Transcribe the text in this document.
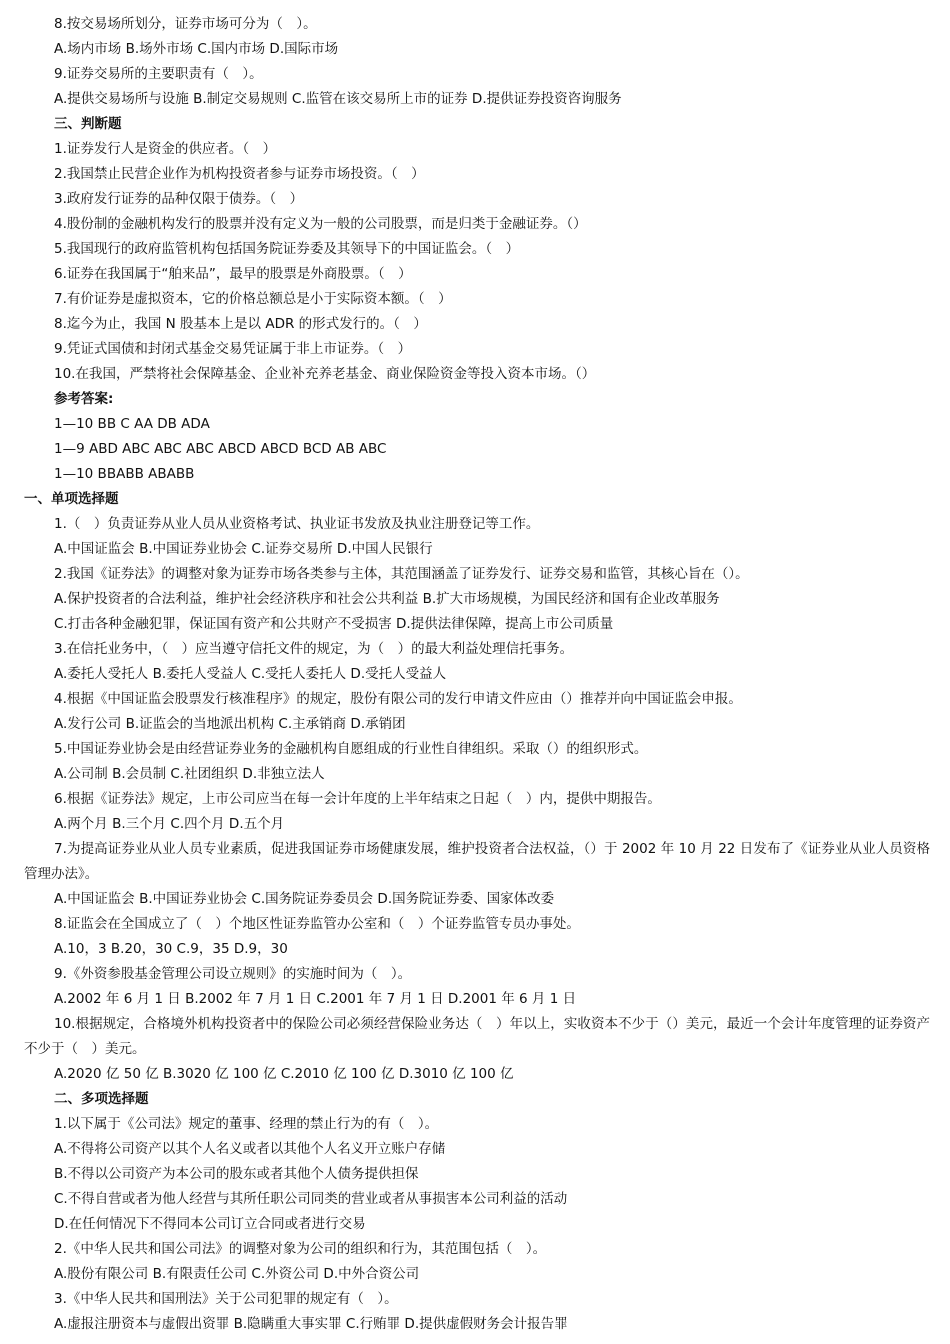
8.按交易场所划分，证券市场可分为（　）。
A.场内市场 B.场外市场 C.国内市场 D.国际市场
9.证券交易所的主要职责有（　）。
A.提供交易场所与设施 B.制定交易规则 C.监管在该交易所上市的证券 D.提供证券投资咨询服务
三、判断题
1.证券发行人是资金的供应者。（　）
2.我国禁止民营企业作为机构投资者参与证券市场投资。（　）
3.政府发行证券的品种仅限于债券。（　）
4.股份制的金融机构发行的股票并没有定义为一般的公司股票，而是归类于金融证券。（）
5.我国现行的政府监管机构包括国务院证券委及其领导下的中国证监会。（　）
6.证券在我国属于“舶来品”，最早的股票是外商股票。（　）
7.有价证券是虚拟资本，它的价格总额总是小于实际资本额。（　）
8.迄今为止，我国 N 股基本上是以 ADR 的形式发行的。（　）
9.凭证式国债和封闭式基金交易凭证属于非上市证券。（　）
10.在我国，严禁将社会保障基金、企业补充养老基金、商业保险资金等投入资本市场。（）
参考答案:
1—10 BB C AA DB ADA
1—9 ABD ABC ABC ABC ABCD ABCD BCD AB ABC
1—10 BBABB ABABB
一、单项选择题
1.（　）负责证券从业人员从业资格考试、执业证书发放及执业注册登记等工作。
A.中国证监会 B.中国证券业协会 C.证券交易所 D.中国人民银行
2.我国《证券法》的调整对象为证券市场各类参与主体，其范围涵盖了证券发行、证券交易和监管，其核心旨在（）。
A.保护投资者的合法利益，维护社会经济秩序和社会公共利益 B.扩大市场规模，为国民经济和国有企业改革服务
C.打击各种金融犯罪，保证国有资产和公共财产不受损害 D.提供法律保障，提高上市公司质量
3.在信托业务中，（　）应当遵守信托文件的规定，为（　）的最大利益处理信托事务。
A.委托人受托人 B.委托人受益人 C.受托人委托人 D.受托人受益人
4.根据《中国证监会股票发行核准程序》的规定，股份有限公司的发行申请文件应由（）推荐并向中国证监会申报。
A.发行公司 B.证监会的当地派出机构 C.主承销商 D.承销团
5.中国证券业协会是由经营证券业务的金融机构自愿组成的行业性自律组织。采取（）的组织形式。
A.公司制 B.会员制 C.社团组织 D.非独立法人
6.根据《证券法》规定，上市公司应当在每一会计年度的上半年结束之日起（　）内，提供中期报告。
A.两个月 B.三个月 C.四个月 D.五个月
7.为提高证券业从业人员专业素质，促进我国证券市场健康发展，维护投资者合法权益，（）于 2002 年 10 月 22 日发布了《证券业从业人员资格管理办法》。
A.中国证监会 B.中国证券业协会 C.国务院证券委员会 D.国务院证券委、国家体改委
8.证监会在全国成立了（　）个地区性证券监管办公室和（　）个证券监管专员办事处。
A.10，3 B.20，30 C.9，35 D.9，30
9.《外资参股基金管理公司设立规则》的实施时间为（　）。
A.2002 年 6 月 1 日 B.2002 年 7 月 1 日 C.2001 年 7 月 1 日 D.2001 年 6 月 1 日
10.根据规定，合格境外机构投资者中的保险公司必须经营保险业务达（　）年以上，实收资本不少于（）美元，最近一个会计年度管理的证券资产不少于（　）美元。
A.2020 亿 50 亿 B.3020 亿 100 亿 C.2010 亿 100 亿 D.3010 亿 100 亿
二、多项选择题
1.以下属于《公司法》规定的董事、经理的禁止行为的有（　）。
A.不得将公司资产以其个人名义或者以其他个人名义开立账户存储
B.不得以公司资产为本公司的股东或者其他个人债务提供担保
C.不得自营或者为他人经营与其所任职公司同类的营业或者从事损害本公司利益的活动
D.在任何情况下不得同本公司订立合同或者进行交易
2.《中华人民共和国公司法》的调整对象为公司的组织和行为，其范围包括（　）。
A.股份有限公司 B.有限责任公司 C.外资公司 D.中外合资公司
3.《中华人民共和国刑法》关于公司犯罪的规定有（　）。
A.虚报注册资本与虚假出资罪 B.隐瞒重大事实罪 C.行贿罪 D.提供虚假财务会计报告罪
